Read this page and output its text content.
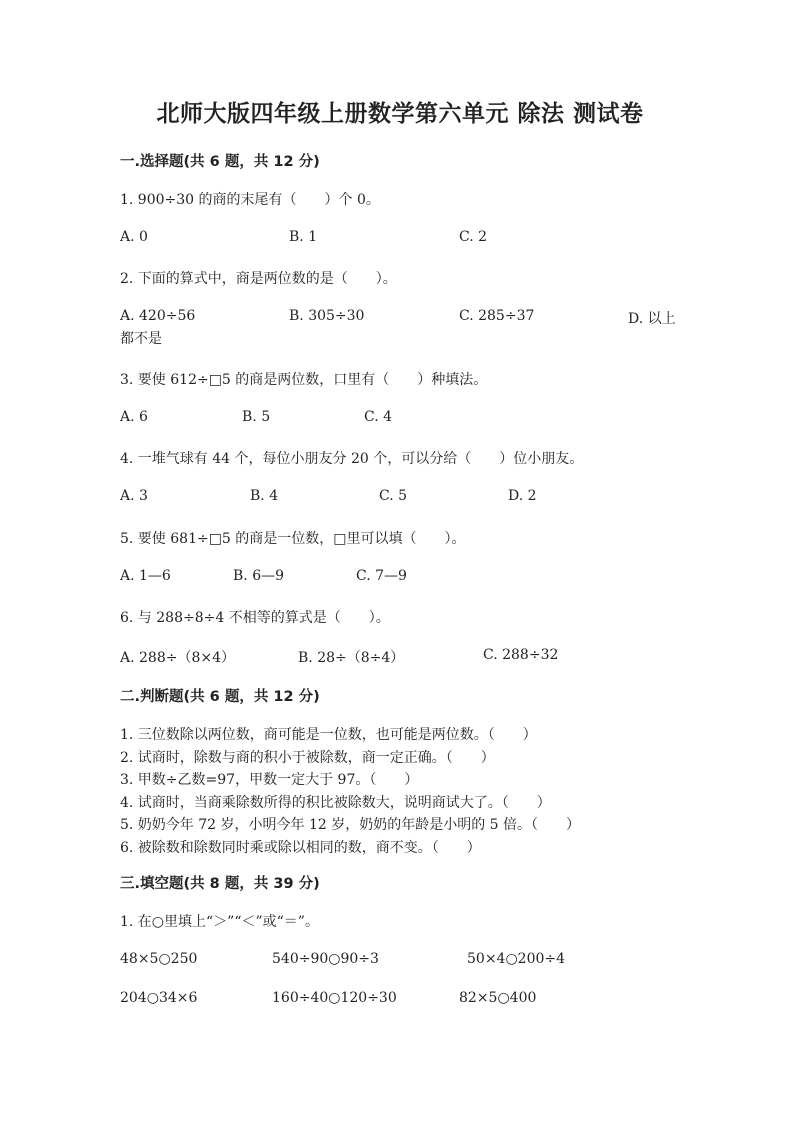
北师大版四年级上册数学第六单元 除法 测试卷
一.选择题(共 6 题，共 12 分)
1. 900÷30 的商的末尾有（　　）个 0。
A. 0	B. 1	C. 2
2. 下面的算式中，商是两位数的是（　　）。
A. 420÷56	B. 305÷30	C. 285÷37	D. 以上
都不是
3. 要使 612÷□5 的商是两位数，口里有（　　）种填法。
A. 6	B. 5	C. 4
4. 一堆气球有 44 个，每位小朋友分 20 个，可以分给（　　）位小朋友。
A. 3	B. 4	C. 5	D. 2
5. 要使 681÷□5 的商是一位数，□里可以填（　　）。
A. 1—6	B. 6—9	C. 7—9
6. 与 288÷8÷4 不相等的算式是（　　）。
A. 288÷（8×4）	B. 28÷（8÷4）	C. 288÷32
二.判断题(共 6 题，共 12 分)
1. 三位数除以两位数，商可能是一位数，也可能是两位数。（　　）
2. 试商时，除数与商的积小于被除数，商一定正确。（　　）
3. 甲数÷乙数=97，甲数一定大于 97。（　　）
4. 试商时，当商乘除数所得的积比被除数大，说明商试大了。（　　）
5. 奶奶今年 72 岁，小明今年 12 岁，奶奶的年龄是小明的 5 倍。（　　）
6. 被除数和除数同时乘或除以相同的数，商不变。（　　）
三.填空题(共 8 题，共 39 分)
1. 在○里填上“＞”“＜”或“＝”。
48×5○250	540÷90○90÷3	50×4○200÷4
204○34×6	160÷40○120÷30	82×5○400
